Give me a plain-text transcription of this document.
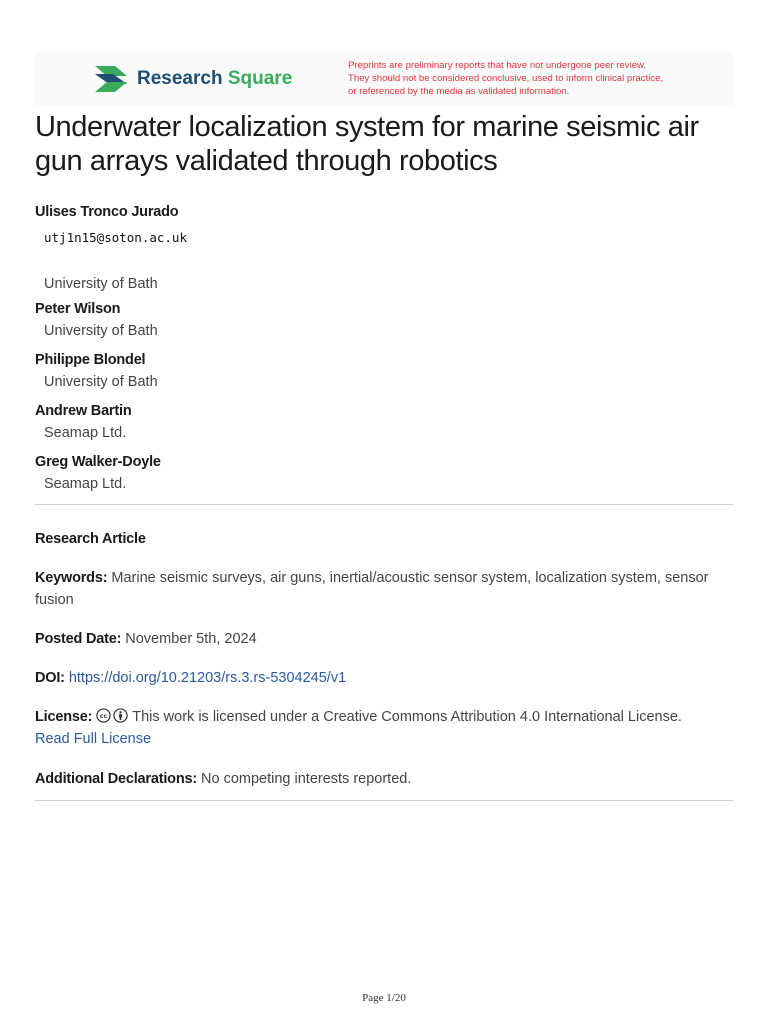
Research Square
Preprints are preliminary reports that have not undergone peer review.
They should not be considered conclusive, used to inform clinical practice,
or referenced by the media as validated information.
Underwater localization system for marine seismic air gun arrays validated through robotics
Ulises Tronco Jurado
utj1n15@soton.ac.uk
University of Bath
Peter Wilson
University of Bath
Philippe Blondel
University of Bath
Andrew Bartin
Seamap Ltd.
Greg Walker-Doyle
Seamap Ltd.
Research Article
Keywords: Marine seismic surveys, air guns, inertial/acoustic sensor system, localization system, sensor fusion
Posted Date: November 5th, 2024
DOI: https://doi.org/10.21203/rs.3.rs-5304245/v1
License: cc This work is licensed under a Creative Commons Attribution 4.0 International License.
Read Full License
Additional Declarations: No competing interests reported.
Page 1/20
